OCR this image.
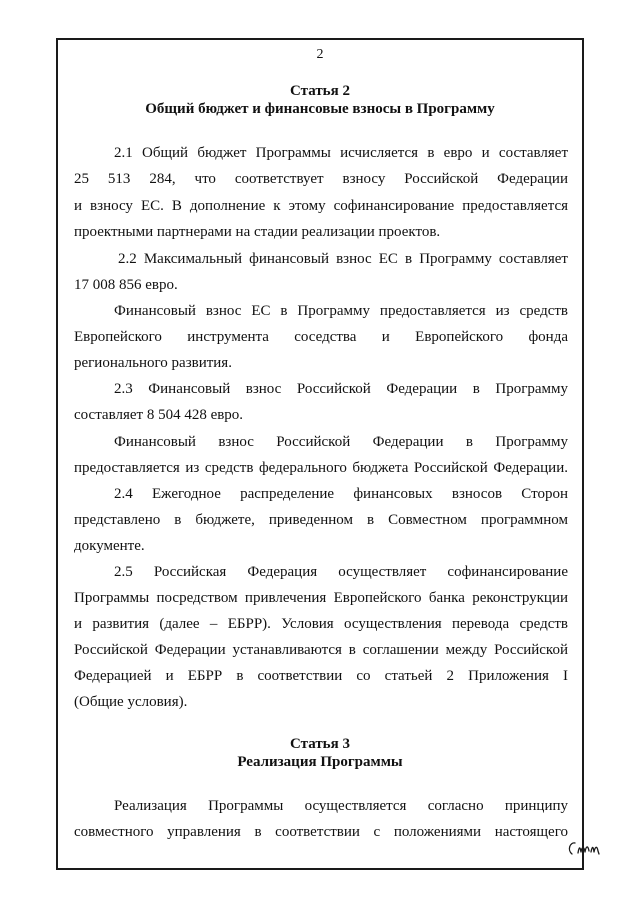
2
Статья 2
Общий бюджет и финансовые взносы в Программу
2.1 Общий бюджет Программы исчисляется в евро и составляет
25 513 284, что соответствует взносу Российской Федерации
и взносу ЕС. В дополнение к этому софинансирование предоставляется
проектными партнерами на стадии реализации проектов.
2.2 Максимальный финансовый взнос ЕС в Программу составляет
17 008 856 евро.
Финансовый взнос ЕС в Программу предоставляется из средств
Европейского инструмента соседства и Европейского фонда
регионального развития.
2.3 Финансовый взнос Российской Федерации в Программу
составляет 8 504 428 евро.
Финансовый взнос Российской Федерации в Программу
предоставляется из средств федерального бюджета Российской Федерации.
2.4 Ежегодное распределение финансовых взносов Сторон
представлено в бюджете, приведенном в Совместном программном
документе.
2.5 Российская Федерация осуществляет софинансирование
Программы посредством привлечения Европейского банка реконструкции
и развития (далее – ЕБРР). Условия осуществления перевода средств
Российской Федерации устанавливаются в соглашении между Российской
Федерацией и ЕБРР в соответствии со статьей 2 Приложения I
(Общие условия).
Статья 3
Реализация Программы
Реализация Программы осуществляется согласно принципу
совместного управления в соответствии с положениями настоящего
